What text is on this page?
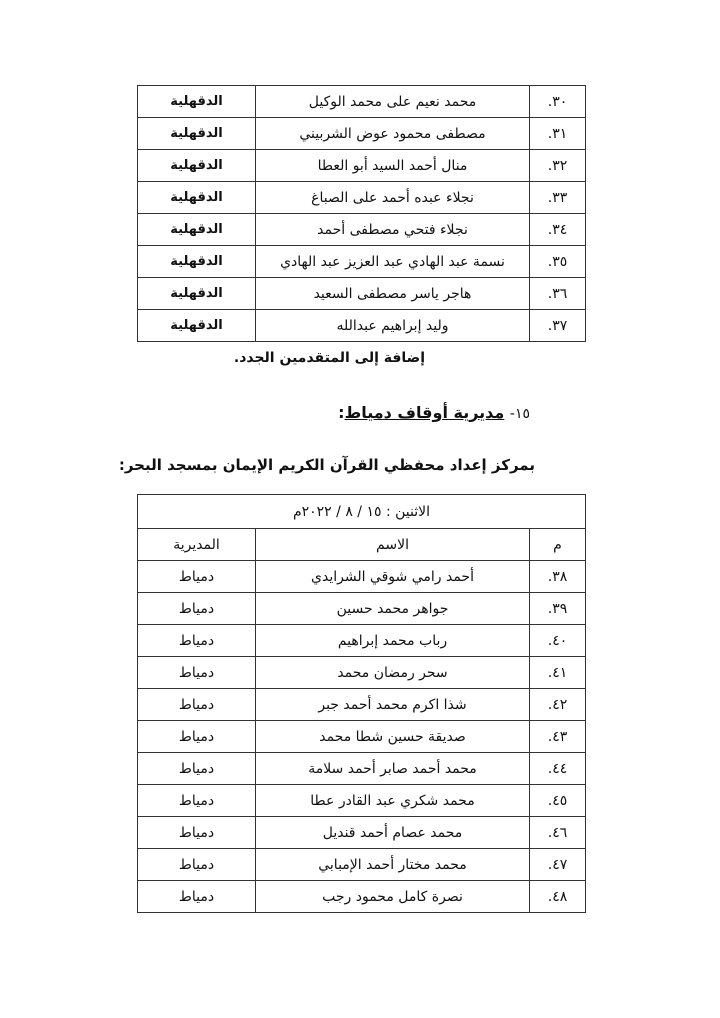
٣٠.	محمد نعيم على محمد الوكيل	الدقهلية
٣١.	مصطفى محمود عوض الشربيني	الدقهلية
٣٢.	منال أحمد السيد أبو العطا	الدقهلية
٣٣.	نجلاء عبده أحمد على الصباغ	الدقهلية
٣٤.	نجلاء فتحي مصطفى أحمد	الدقهلية
٣٥.	نسمة عبد الهادي عبد العزيز عبد الهادي	الدقهلية
٣٦.	هاجر ياسر مصطفى السعيد	الدقهلية
٣٧.	وليد إبراهيم عبدالله	الدقهلية
إضافة إلى المتقدمين الجدد.
١٥- مديرية أوقاف دمياط:
بمركز إعداد محفظي القرآن الكريم الإيمان بمسجد البحر:
الاثنين : ١٥ / ٨ / ٢٠٢٢م		
م	الاسم	المديرية
٣٨.	أحمد رامي شوقي الشرايدي	دمياط
٣٩.	جواهر محمد حسين	دمياط
٤٠.	رباب محمد إبراهيم	دمياط
٤١.	سحر رمضان محمد	دمياط
٤٢.	شذا اكرم محمد أحمد جبر	دمياط
٤٣.	صديقة حسين شطا محمد	دمياط
٤٤.	محمد أحمد صابر أحمد سلامة	دمياط
٤٥.	محمد شكري عبد القادر عطا	دمياط
٤٦.	محمد عصام أحمد قنديل	دمياط
٤٧.	محمد مختار أحمد الإمبابي	دمياط
٤٨.	نصرة كامل محمود رجب	دمياط
